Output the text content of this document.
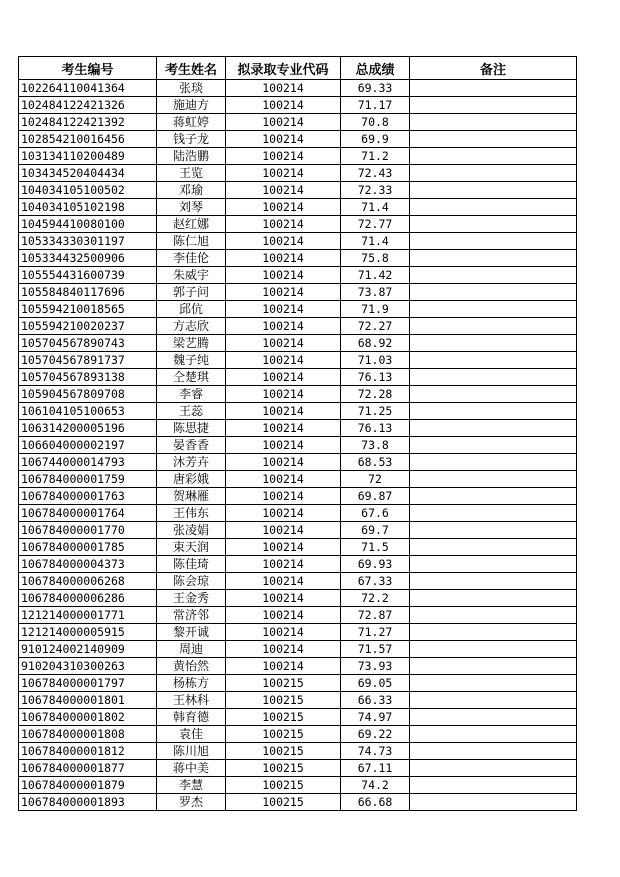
考生编号	考生姓名	拟录取专业代码	总成绩	备注
102264110041364	张琰	100214	69.33	
102484122421326	施迪方	100214	71.17	
102484122421392	蒋虹婷	100214	70.8	
102854210016456	钱子龙	100214	69.9	
103134110200489	陆浩鹏	100214	71.2	
103434520404434	王览	100214	72.43	
104034105100502	邓瑜	100214	72.33	
104034105102198	刘琴	100214	71.4	
104594410080100	赵红娜	100214	72.77	
105334330301197	陈仁旭	100214	71.4	
105334432500906	李佳伦	100214	75.8	
105554431600739	朱威宇	100214	71.42	
105584840117696	郭子问	100214	73.87	
105594210018565	邱伉	100214	71.9	
105594210020237	方志欣	100214	72.27	
105704567890743	梁艺腾	100214	68.92	
105704567891737	魏子纯	100214	71.03	
105704567893138	仝楚琪	100214	76.13	
105904567809708	李睿	100214	72.28	
106104105100653	王蕊	100214	71.25	
106314200005196	陈思捷	100214	76.13	
106604000002197	晏香香	100214	73.8	
106744000014793	沐芳卉	100214	68.53	
106784000001759	唐彩娥	100214	72	
106784000001763	贺琳雁	100214	69.87	
106784000001764	王伟东	100214	67.6	
106784000001770	张凌娟	100214	69.7	
106784000001785	束天润	100214	71.5	
106784000004373	陈佳琦	100214	69.93	
106784000006268	陈会琼	100214	67.33	
106784000006286	王金秀	100214	72.2	
121214000001771	常济邻	100214	72.87	
121214000005915	黎开诚	100214	71.27	
910124002140909	周迪	100214	71.57	
910204310300263	黄怡然	100214	73.93	
106784000001797	杨栋方	100215	69.05	
106784000001801	王林科	100215	66.33	
106784000001802	韩育德	100215	74.97	
106784000001808	袁佳	100215	69.22	
106784000001812	陈川旭	100215	74.73	
106784000001877	蒋中美	100215	67.11	
106784000001879	李慧	100215	74.2	
106784000001893	罗杰	100215	66.68	
